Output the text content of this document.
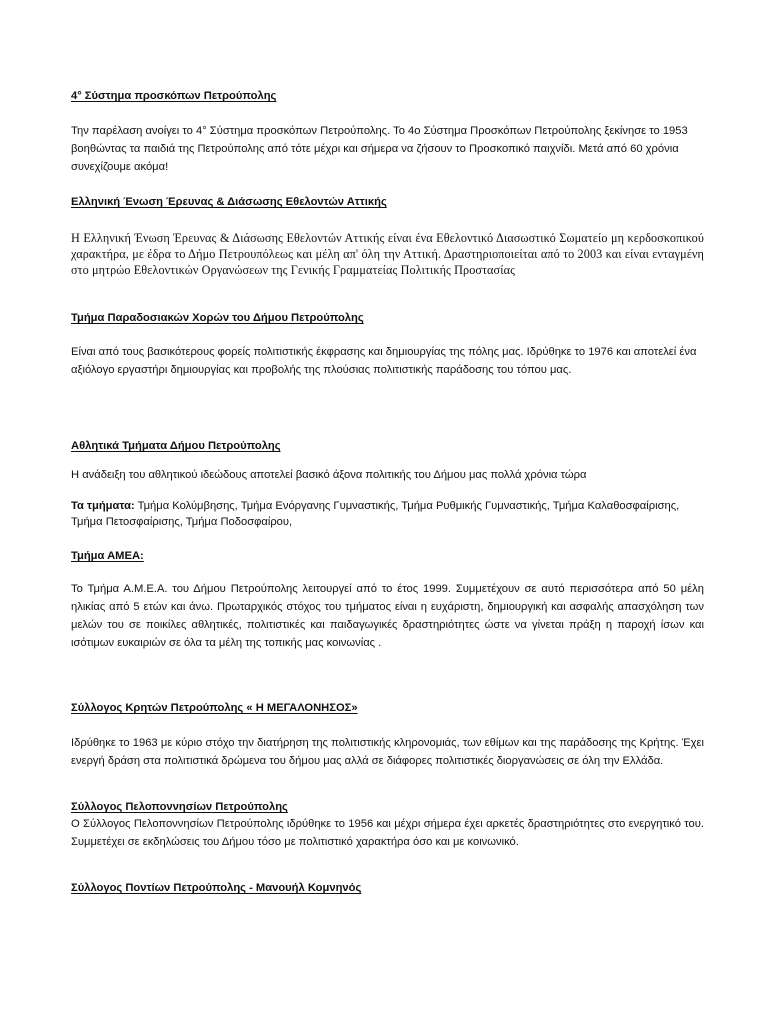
4° Σύστημα προσκόπων Πετρούπολης

Την παρέλαση ανοίγει το 4° Σύστημα προσκόπων Πετρούπολης. Το 4ο Σύστημα Προσκόπων Πετρούπολης ξεκίνησε το 1953 βοηθώντας τα παιδιά της Πετρούπολης από τότε μέχρι και σήμερα να ζήσουν το Προσκοπικό παιχνίδι. Μετά από 60 χρόνια συνεχίζουμε ακόμα!

Ελληνική Ένωση Έρευνας & Διάσωσης Εθελοντών Αττικής

Η Ελληνική Ένωση Έρευνας & Διάσωσης Εθελοντών Αττικής είναι ένα Εθελοντικό Διασωστικό Σωματείο μη κερδοσκοπικού χαρακτήρα, με έδρα το Δήμο Πετρουπόλεως και μέλη απ' όλη την Αττική. Δραστηριοποιείται από το 2003 και είναι ενταγμένη στο μητρώο Εθελοντικών Οργανώσεων της Γενικής Γραμματείας Πολιτικής Προστασίας

Τμήμα Παραδοσιακών Χορών του Δήμου Πετρούπολης

Είναι από τους βασικότερους φορείς πολιτιστικής έκφρασης και δημιουργίας της πόλης μας. Ιδρύθηκε το 1976 και αποτελεί ένα αξιόλογο εργαστήρι δημιουργίας και προβολής της πλούσιας πολιτιστικής παράδοσης του τόπου μας.

Αθλητικά Τμήματα Δήμου Πετρούπολης

Η ανάδειξη του αθλητικού ιδεώδους αποτελεί βασικό άξονα πολιτικής του Δήμου μας πολλά χρόνια τώρα

Τα τμήματα: Τμήμα Κολύμβησης, Τμήμα Ενόργανης Γυμναστικής, Τμήμα Ρυθμικής Γυμναστικής, Τμήμα Καλαθοσφαίρισης, Τμήμα Πετοσφαίρισης, Τμήμα Ποδοσφαίρου,

Τμήμα ΑΜΕΑ:

Το Τμήμα Α.Μ.Ε.Α. του Δήμου Πετρούπολης λειτουργεί από το έτος 1999. Συμμετέχουν σε αυτό περισσότερα από 50 μέλη ηλικίας από 5 ετών και άνω. Πρωταρχικός στόχος του τμήματος είναι η ευχάριστη, δημιουργική και ασφαλής απασχόληση των μελών του σε ποικίλες αθλητικές, πολιτιστικές και παιδαγωγικές δραστηριότητες ώστε να γίνεται πράξη η παροχή ίσων και ισότιμων ευκαιριών σε όλα τα μέλη της τοπικής μας κοινωνίας .

Σύλλογος Κρητών Πετρούπολης « Η ΜΕΓΑΛΟΝΗΣΟΣ»

Ιδρύθηκε το 1963 με κύριο στόχο την διατήρηση της πολιτιστικής κληρονομιάς, των εθίμων και της παράδοσης της Κρήτης. Έχει ενεργή δράση στα πολιτιστικά δρώμενα του δήμου μας αλλά σε διάφορες πολιτιστικές διοργανώσεις σε όλη την Ελλάδα.

Σύλλογος Πελοποννησίων Πετρούπολης

Ο Σύλλογος Πελοποννησίων Πετρούπολης ιδρύθηκε το 1956 και μέχρι σήμερα έχει αρκετές δραστηριότητες στο ενεργητικό του. Συμμετέχει σε εκδηλώσεις του Δήμου τόσο με πολιτιστικό χαρακτήρα όσο και με κοινωνικό.

Σύλλογος Ποντίων Πετρούπολης - Μανουήλ Κομνηνός
